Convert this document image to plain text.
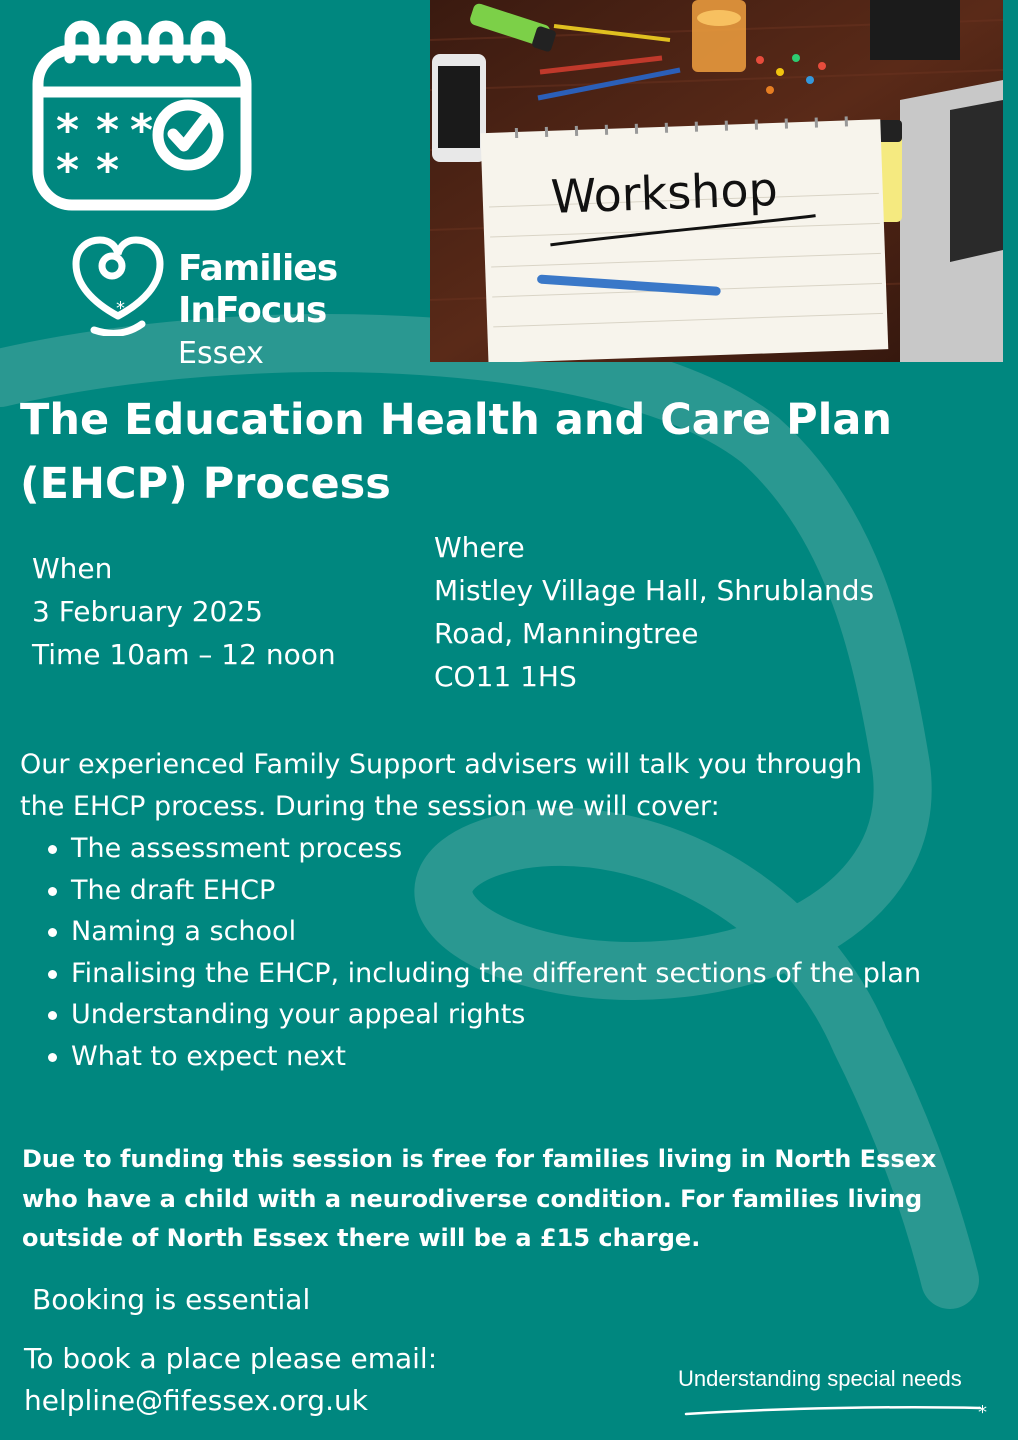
* * *
* *
*
Families
InFocus Essex
Workshop
The Education Health and Care Plan
(EHCP) Process
When
3 February 2025
Time 10am – 12 noon
Where
Mistley Village Hall, Shrublands
Road, Manningtree
CO11 1HS

Our experienced Family Support advisers will talk you through
the EHCP process. During the session we will cover:

The assessment process
The draft EHCP
Naming a school
Finalising the EHCP, including the different sections of the plan
Understanding your appeal rights
What to expect next

Due to funding this session is free for families living in North Essex
who have a child with a neurodiverse condition. For families living
outside of North Essex there will be a £15 charge.

Booking is essential
To book a place please email:
helpline@fifessex.org.uk
Understanding special needs
*
